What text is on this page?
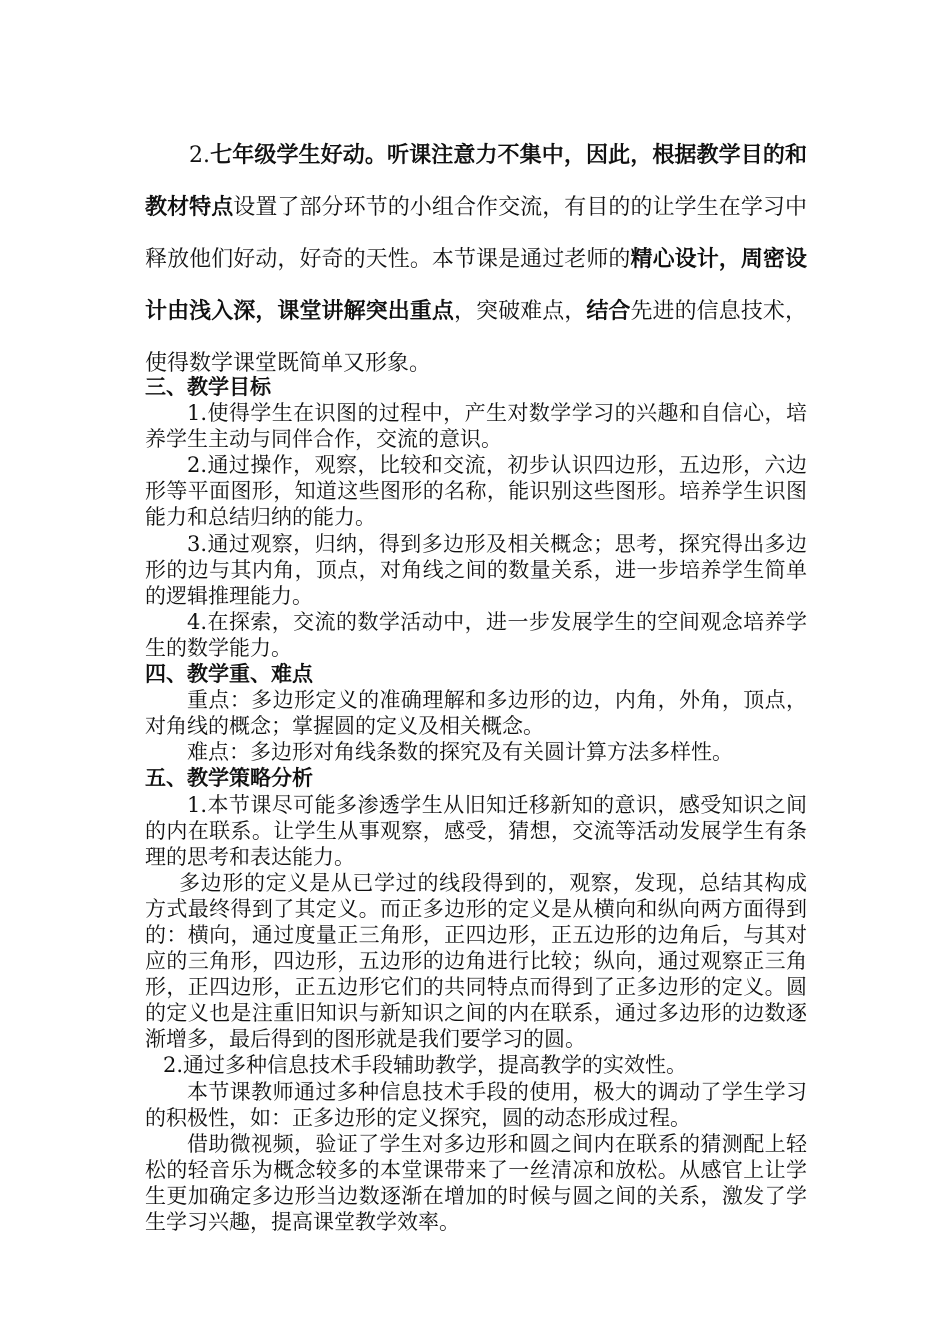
2.七年级学生好动。听课注意力不集中，因此，根据教学目的和教材特点设置了部分环节的小组合作交流，有目的的让学生在学习中释放他们好动，好奇的天性。本节课是通过老师的精心设计，周密设计由浅入深，课堂讲解突出重点，突破难点，结合先进的信息技术，使得数学课堂既简单又形象。

三、教学目标

1.使得学生在识图的过程中，产生对数学学习的兴趣和自信心，培养学生主动与同伴合作，交流的意识。

2.通过操作，观察，比较和交流，初步认识四边形，五边形，六边形等平面图形，知道这些图形的名称，能识别这些图形。培养学生识图能力和总结归纳的能力。

3.通过观察，归纳，得到多边形及相关概念；思考，探究得出多边形的边与其内角，顶点，对角线之间的数量关系，进一步培养学生简单的逻辑推理能力。

4.在探索，交流的数学活动中，进一步发展学生的空间观念培养学生的数学能力。

四、教学重、难点

重点：多边形定义的准确理解和多边形的边，内角，外角，顶点，对角线的概念；掌握圆的定义及相关概念。

难点：多边形对角线条数的探究及有关圆计算方法多样性。

五、教学策略分析

1.本节课尽可能多渗透学生从旧知迁移新知的意识，感受知识之间的内在联系。让学生从事观察，感受，猜想，交流等活动发展学生有条理的思考和表达能力。

多边形的定义是从已学过的线段得到的，观察，发现，总结其构成方式最终得到了其定义。而正多边形的定义是从横向和纵向两方面得到的：横向，通过度量正三角形，正四边形，正五边形的边角后，与其对应的三角形，四边形，五边形的边角进行比较；纵向，通过观察正三角形，正四边形，正五边形它们的共同特点而得到了正多边形的定义。圆的定义也是注重旧知识与新知识之间的内在联系，通过多边形的边数逐渐增多，最后得到的图形就是我们要学习的圆。

2.通过多种信息技术手段辅助教学，提高教学的实效性。

本节课教师通过多种信息技术手段的使用，极大的调动了学生学习的积极性，如：正多边形的定义探究，圆的动态形成过程。

借助微视频，验证了学生对多边形和圆之间内在联系的猜测配上轻松的轻音乐为概念较多的本堂课带来了一丝清凉和放松。从感官上让学生更加确定多边形当边数逐渐在增加的时候与圆之间的关系，激发了学生学习兴趣，提高课堂教学效率。
